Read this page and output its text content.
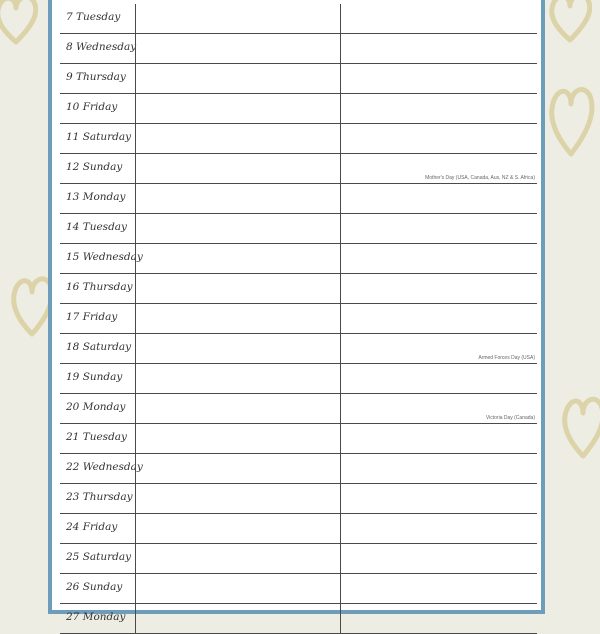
7 Tuesday
8 Wednesday
9 Thursday
10 Friday
11 Saturday
12 Sunday
Mother's Day (USA, Canada, Aus, NZ & S. Africa)
13 Monday
14 Tuesday
15 Wednesday
16 Thursday
17 Friday
18 Saturday
Armed Forces Day (USA)
19 Sunday
20 Monday
Victoria Day (Canada)
21 Tuesday
22 Wednesday
23 Thursday
24 Friday
25 Saturday
26 Sunday
27 Monday
